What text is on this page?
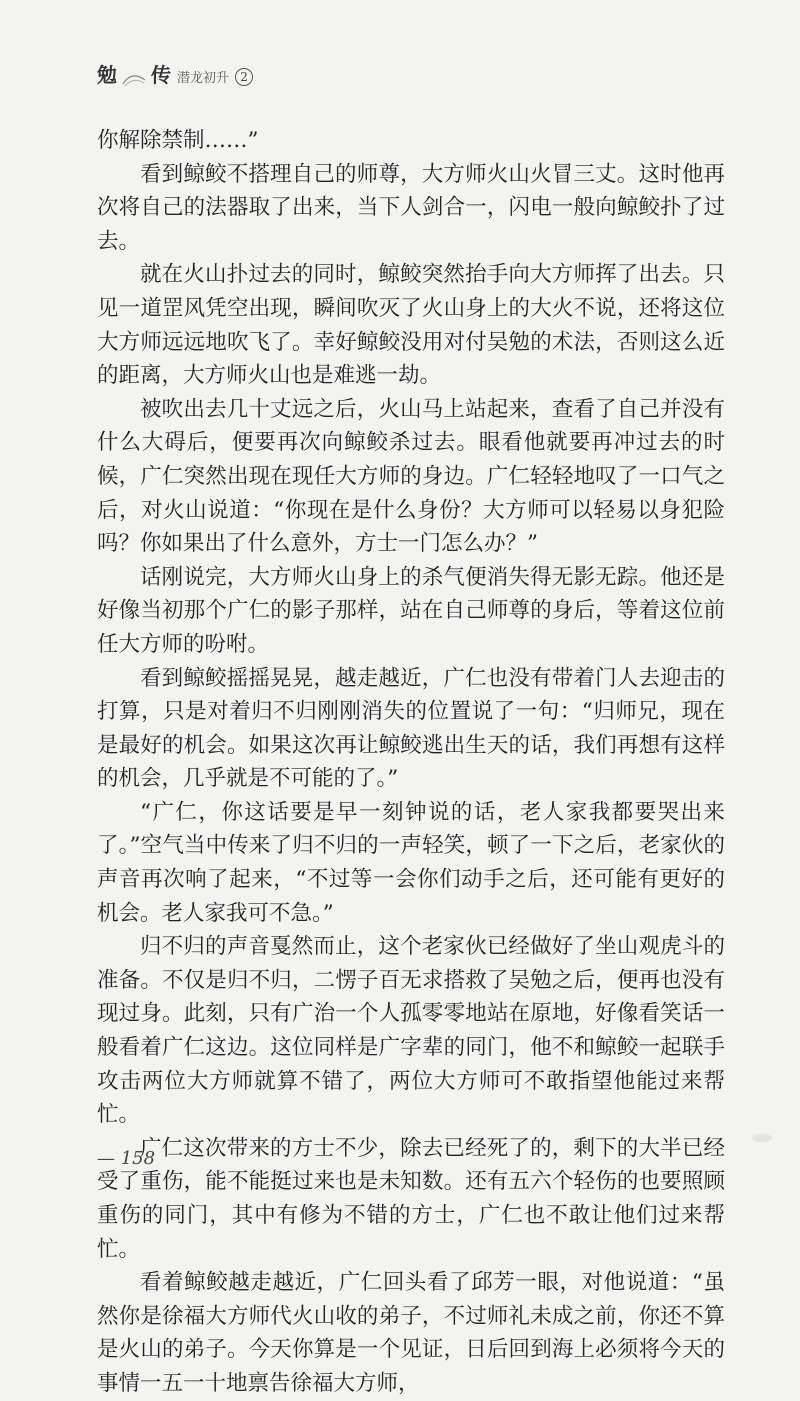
勉 传 潜龙初升 2

你解除禁制……”

看到鲸鲛不搭理自己的师尊，大方师火山火冒三丈。这时他再次将自己的法器取了出来，当下人剑合一，闪电一般向鲸鲛扑了过去。

就在火山扑过去的同时，鲸鲛突然抬手向大方师挥了出去。只见一道罡风凭空出现，瞬间吹灭了火山身上的大火不说，还将这位大方师远远地吹飞了。幸好鲸鲛没用对付吴勉的术法，否则这么近的距离，大方师火山也是难逃一劫。

被吹出去几十丈远之后，火山马上站起来，查看了自己并没有什么大碍后，便要再次向鲸鲛杀过去。眼看他就要再冲过去的时候，广仁突然出现在现任大方师的身边。广仁轻轻地叹了一口气之后，对火山说道：“你现在是什么身份？大方师可以轻易以身犯险吗？你如果出了什么意外，方士一门怎么办？”

话刚说完，大方师火山身上的杀气便消失得无影无踪。他还是好像当初那个广仁的影子那样，站在自己师尊的身后，等着这位前任大方师的吩咐。

看到鲸鲛摇摇晃晃，越走越近，广仁也没有带着门人去迎击的打算，只是对着归不归刚刚消失的位置说了一句：“归师兄，现在是最好的机会。如果这次再让鲸鲛逃出生天的话，我们再想有这样的机会，几乎就是不可能的了。”

“广仁，你这话要是早一刻钟说的话，老人家我都要哭出来了。”空气当中传来了归不归的一声轻笑，顿了一下之后，老家伙的声音再次响了起来，“不过等一会你们动手之后，还可能有更好的机会。老人家我可不急。”

归不归的声音戛然而止，这个老家伙已经做好了坐山观虎斗的准备。不仅是归不归，二愣子百无求搭救了吴勉之后，便再也没有现过身。此刻，只有广治一个人孤零零地站在原地，好像看笑话一般看着广仁这边。这位同样是广字辈的同门，他不和鲸鲛一起联手攻击两位大方师就算不错了，两位大方师可不敢指望他能过来帮忙。

广仁这次带来的方士不少，除去已经死了的，剩下的大半已经受了重伤，能不能挺过来也是未知数。还有五六个轻伤的也要照顾重伤的同门，其中有修为不错的方士，广仁也不敢让他们过来帮忙。

看着鲸鲛越走越近，广仁回头看了邱芳一眼，对他说道：“虽然你是徐福大方师代火山收的弟子，不过师礼未成之前，你还不算是火山的弟子。今天你算是一个见证，日后回到海上必须将今天的事情一五一十地禀告徐福大方师，

— 158
